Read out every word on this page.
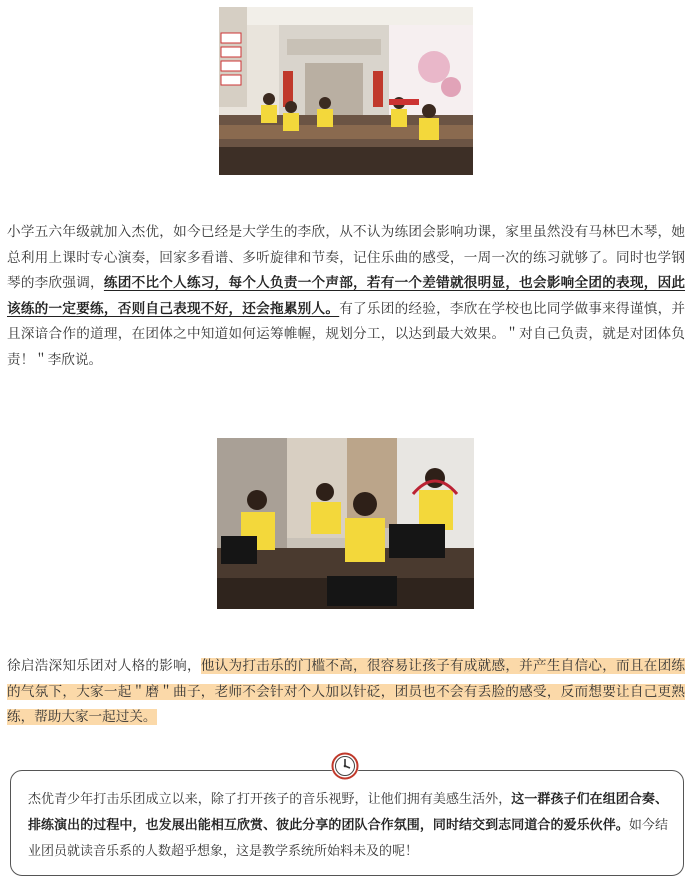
小学五六年级就加入杰优，如今已经是大学生的李欣，从不认为练团会影响功课，家里虽然没有马林巴木琴，她总利用上课时专心演奏，回家多看谱、多听旋律和节奏，记住乐曲的感受，一周一次的练习就够了。同时也学钢琴的李欣强调，练团不比个人练习，每个人负责一个声部，若有一个差错就很明显，也会影响全团的表现，因此该练的一定要练，否则自己表现不好，还会拖累别人。有了乐团的经验，李欣在学校也比同学做事来得谨慎，并且深谙合作的道理，在团体之中知道如何运筹帷幄，规划分工，以达到最大效果。＂对自己负责，就是对团体负责！＂李欣说。

徐启浩深知乐团对人格的影响，他认为打击乐的门槛不高，很容易让孩子有成就感，并产生自信心，而且在团练的气氛下，大家一起＂磨＂曲子，老师不会针对个人加以针砭，团员也不会有丢脸的感受，反而想要让自己更熟练，帮助大家一起过关。

杰优青少年打击乐团成立以来，除了打开孩子的音乐视野，让他们拥有美感生活外，这一群孩子们在组团合奏、排练演出的过程中，也发展出能相互欣赏、彼此分享的团队合作氛围，同时结交到志同道合的爱乐伙伴。如今结业团员就读音乐系的人数超乎想象，这是教学系统所始料未及的呢！
